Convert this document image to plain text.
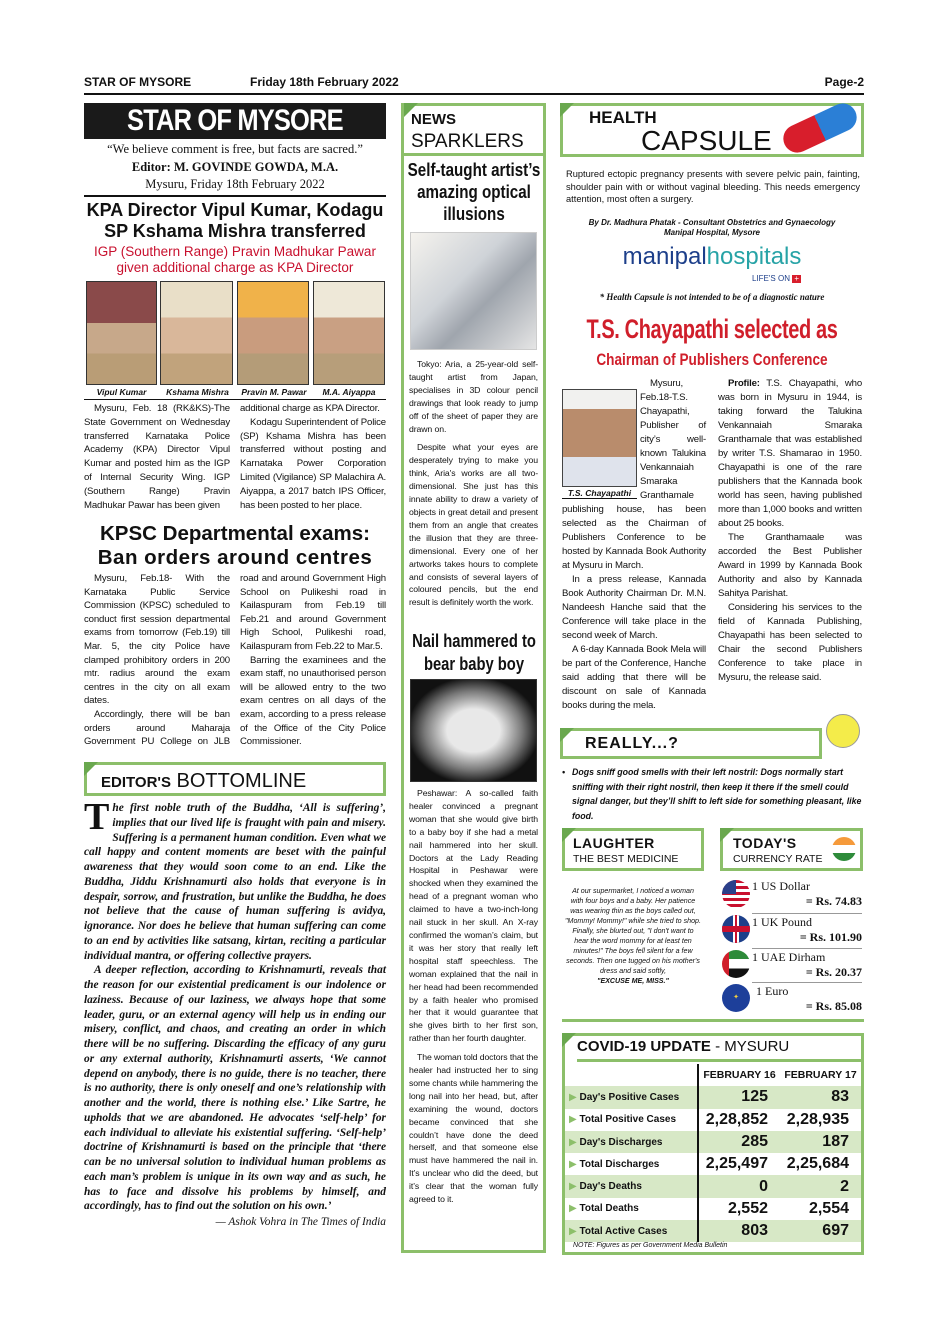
STAR OF MYSORE	Friday 18th February 2022	Page-2
STAR OF MYSORE
“We believe comment is free, but facts are sacred.”
Editor: M. GOVINDE GOWDA, M.A.
Mysuru, Friday 18th February 2022
KPA Director Vipul Kumar, Kodagu
SP Kshama Mishra transferred
IGP (Southern Range) Pravin Madhukar Pawar
given additional charge as KPA Director
Vipul Kumar	Kshama Mishra	Pravin M. Pawar	M.A. Aiyappa

Mysuru, Feb. 18 (RK&KS)-The State Government on Wednesday transferred Karnataka Police Academy (KPA) Director Vipul Kumar and posted him as the IGP of Internal Security Wing. IGP (Southern Range) Pravin Madhukar Pawar has been given

additional charge as KPA Director.

Kodagu Superintendent of Police (SP) Kshama Mishra has been transferred without posting and Karnataka Power Corporation Limited (Vigilance) SP Malachira A. Aiyappa, a 2017 batch IPS Officer, has been posted to her place.

KPSC Departmental exams:
Ban orders around centres

Mysuru, Feb.18- With the Karnataka Public Service Commission (KPSC) scheduled to conduct first session departmental exams from tomorrow (Feb.19) till Mar. 5, the city Police have clamped prohibitory orders in 200 mtr. radius around the exam centres in the city on all exam dates.

Accordingly, there will be ban orders around Maharaja Government PU College on JLB road and around Government High School on Pulikeshi road in Kailaspuram from Feb.19 till Feb.21 and around Government High School, Pulikeshi road, Kailaspuram from Feb.22 to Mar.5.

Barring the examinees and the exam staff, no unauthorised person will be allowed entry to the two exam centres on all days of the exam, according to a press release of the Office of the City Police Commissioner.

EDITOR'S BOTTOMLINE

The first noble truth of the Buddha, ‘All is suffering’, implies that our lived life is fraught with pain and misery. Suffering is a permanent human condition. Even what we call happy and content moments are beset with the painful awareness that they would soon come to an end. Like the Buddha, Jiddu Krishnamurti also holds that everyone is in despair, sorrow, and frustration, but unlike the Buddha, he does not believe that the cause of human suffering is avidya, ignorance. Nor does he believe that human suffering can come to an end by activities like satsang, kirtan, reciting a particular individual mantra, or offering collective prayers.

A deeper reflection, according to Krishnamurti, reveals that the reason for our existential predicament is our indolence or laziness. Because of our laziness, we always hope that some leader, guru, or an external agency will help us in ending our misery, conflict, and chaos, and creating an order in which there will be no suffering. Discarding the efficacy of any guru or any external authority, Krishnamurti asserts, ‘We cannot depend on anybody, there is no guide, there is no teacher, there is no authority, there is only oneself and one’s relationship with another and the world, there is nothing else.’ Like Sartre, he upholds that we are abandoned. He advocates ‘self-help’ for each individual to alleviate his existential suffering. ‘Self-help’ doctrine of Krishnamurti is based on the principle that ‘there can be no universal solution to individual human problems as each man’s problem is unique in its own way and as such, he has to face and dissolve his problems by himself, and accordingly, has to find out the solution on his own.’

— Ashok Vohra in The Times of India

NEWS
SPARKLERS
Self-taught artist’s amazing optical illusions

Tokyo: Aria, a 25-year-old self-taught artist from Japan, specialises in 3D colour pencil drawings that look ready to jump off of the sheet of paper they are drawn on.

Despite what your eyes are desperately trying to make you think, Aria's works are all two-dimensional. She just has this innate ability to draw a variety of objects in great detail and present them from an angle that creates the illusion that they are three-dimensional. Every one of her artworks takes hours to complete and consists of several layers of coloured pencils, but the end result is definitely worth the work.

Nail hammered to bear baby boy

Peshawar: A so-called faith healer convinced a pregnant woman that she would give birth to a baby boy if she had a metal nail hammered into her skull. Doctors at the Lady Reading Hospital in Peshawar were shocked when they examined the head of a pregnant woman who claimed to have a two-inch-long nail stuck in her skull. An X-ray confirmed the woman’s claim, but it was her story that really left hospital staff speechless. The woman explained that the nail in her head had been recommended by a faith healer who promised her that it would guarantee that she gives birth to her first son, rather than her fourth daughter.

The woman told doctors that the healer had instructed her to sing some chants while hammering the long nail into her head, but, after examining the wound, doctors became convinced that she couldn’t have done the deed herself, and that someone else must have hammered the nail in. It’s unclear who did the deed, but it’s clear that the woman fully agreed to it.

HEALTH
CAPSULE
Ruptured ectopic pregnancy presents with severe pelvic pain, fainting, shoulder pain with or without vaginal bleeding. This needs emergency attention, most often a surgery.
By Dr. Madhura Phatak - Consultant Obstetrics and Gynaecology
Manipal Hospital, Mysore
manipalhospitals
LIFE'S ON +
* Health Capsule is not intended to be of a diagnostic nature
T.S. Chayapathi selected as
Chairman of Publishers Conference
T.S. Chayapathi

Mysuru, Feb.18-T.S. Chayapathi, Publisher of city’s well-known Talukina Venkannaiah Smaraka Granthamale publishing house, has been selected as the Chairman of Publishers Conference to be hosted by Kannada Book Authority at Mysuru in March.

In a press release, Kannada Book Authority Chairman Dr. M.N. Nandeesh Hanche said that the Conference will take place in the second week of March.

A 6-day Kannada Book Mela will be part of the Conference, Hanche said adding that there will be discount on sale of Kannada books during the mela.

Profile: T.S. Chayapathi, who was born in Mysuru in 1944, is taking forward the Talukina Venkannaiah Smaraka Granthamale that was established by writer T.S. Shamarao in 1950. Chayapathi is one of the rare publishers that the Kannada book world has seen, having published more than 1,000 books and written about 25 books.

The Granthamaale was accorded the Best Publisher Award in 1999 by Kannada Book Authority and also by Kannada Sahitya Parishat.

Considering his services to the field of Kannada Publishing, Chayapathi has been selected to Chair the second Publishers Conference to take place in Mysuru, the release said.

REALLY...?
• Dogs sniff good smells with their left nostril: Dogs normally start sniffing with their right nostril, then keep it there if the smell could signal danger, but they’ll shift to left side for something pleasant, like food.
LAUGHTER
THE BEST MEDICINE

At our supermarket, I noticed a woman with four boys and a baby. Her patience was wearing thin as the boys called out, "Mommy! Mommy!" while she tried to shop.

Finally, she blurted out, "I don't want to hear the word mommy for at least ten minutes!" The boys fell silent for a few seconds. Then one tugged on his mother's dress and said softly,

"EXCUSE ME, MISS."

TODAY'S
CURRENCY RATE
✦
1 US Dollar
= Rs. 74.83
1 UK Pound
= Rs. 101.90
1 UAE Dirham
= Rs. 20.37
1 Euro
= Rs. 85.08
COVID-19 UPDATE - MYSURU
	FEBRUARY 16	FEBRUARY 17
▶ Day's Positive Cases	125	83
▶ Total Positive Cases	2,28,852	2,28,935
▶ Day's Discharges	285	187
▶ Total Discharges	2,25,497	2,25,684
▶ Day's Deaths	0	2
▶ Total Deaths	2,552	2,554
▶ Total Active Cases	803	697
NOTE: Figures as per Government Media Bulletin
